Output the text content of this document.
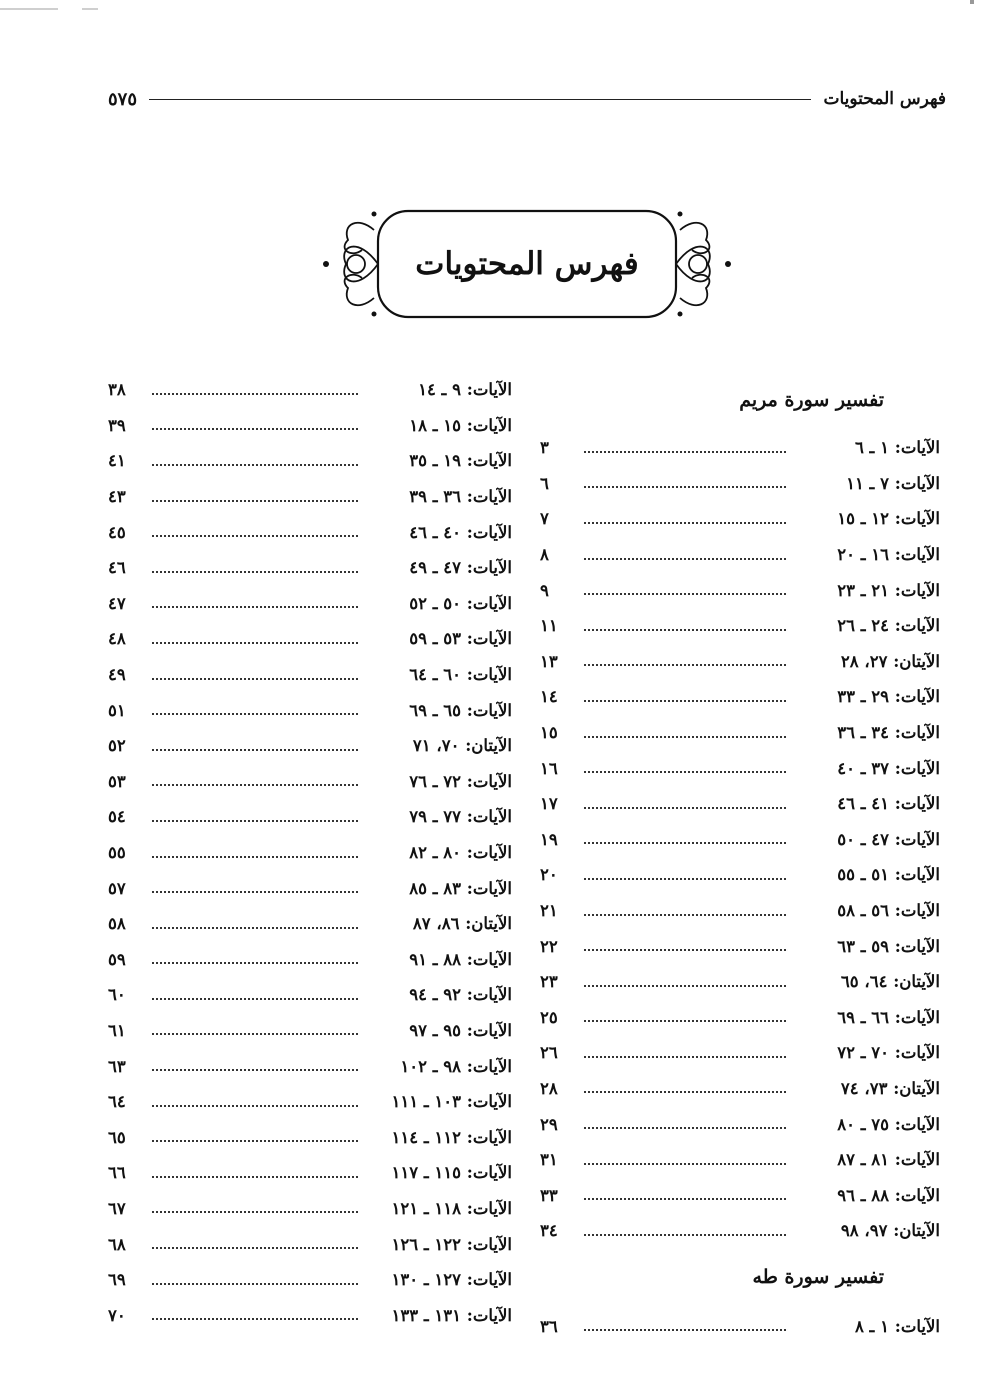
فهرس المحتويات
٥٧٥
فهرس المحتويات
تفسير سورة مريم
الآيات: ١ ـ ٦
٣
الآيات: ٧ ـ ١١
٦
الآيات: ١٢ ـ ١٥
٧
الآيات: ١٦ ـ ٢٠
٨
الآيات: ٢١ ـ ٢٣
٩
الآيات: ٢٤ ـ ٢٦
١١
الآيتان: ٢٧، ٢٨
١٣
الآيات: ٢٩ ـ ٣٣
١٤
الآيات: ٣٤ ـ ٣٦
١٥
الآيات: ٣٧ ـ ٤٠
١٦
الآيات: ٤١ ـ ٤٦
١٧
الآيات: ٤٧ ـ ٥٠
١٩
الآيات: ٥١ ـ ٥٥
٢٠
الآيات: ٥٦ ـ ٥٨
٢١
الآيات: ٥٩ ـ ٦٣
٢٢
الآيتان: ٦٤، ٦٥
٢٣
الآيات: ٦٦ ـ ٦٩
٢٥
الآيات: ٧٠ ـ ٧٢
٢٦
الآيتان: ٧٣، ٧٤
٢٨
الآيات: ٧٥ ـ ٨٠
٢٩
الآيات: ٨١ ـ ٨٧
٣١
الآيات: ٨٨ ـ ٩٦
٣٣
الآيتان: ٩٧، ٩٨
٣٤
تفسير سورة طه
الآيات: ١ ـ ٨
٣٦
الآيات: ٩ ـ ١٤
٣٨
الآيات: ١٥ ـ ١٨
٣٩
الآيات: ١٩ ـ ٣٥
٤١
الآيات: ٣٦ ـ ٣٩
٤٣
الآيات: ٤٠ ـ ٤٦
٤٥
الآيات: ٤٧ ـ ٤٩
٤٦
الآيات: ٥٠ ـ ٥٢
٤٧
الآيات: ٥٣ ـ ٥٩
٤٨
الآيات: ٦٠ ـ ٦٤
٤٩
الآيات: ٦٥ ـ ٦٩
٥١
الآيتان: ٧٠، ٧١
٥٢
الآيات: ٧٢ ـ ٧٦
٥٣
الآيات: ٧٧ ـ ٧٩
٥٤
الآيات: ٨٠ ـ ٨٢
٥٥
الآيات: ٨٣ ـ ٨٥
٥٧
الآيتان: ٨٦، ٨٧
٥٨
الآيات: ٨٨ ـ ٩١
٥٩
الآيات: ٩٢ ـ ٩٤
٦٠
الآيات: ٩٥ ـ ٩٧
٦١
الآيات: ٩٨ ـ ١٠٢
٦٣
الآيات: ١٠٣ ـ ١١١
٦٤
الآيات: ١١٢ ـ ١١٤
٦٥
الآيات: ١١٥ ـ ١١٧
٦٦
الآيات: ١١٨ ـ ١٢١
٦٧
الآيات: ١٢٢ ـ ١٢٦
٦٨
الآيات: ١٢٧ ـ ١٣٠
٦٩
الآيات: ١٣١ ـ ١٣٣
٧٠
